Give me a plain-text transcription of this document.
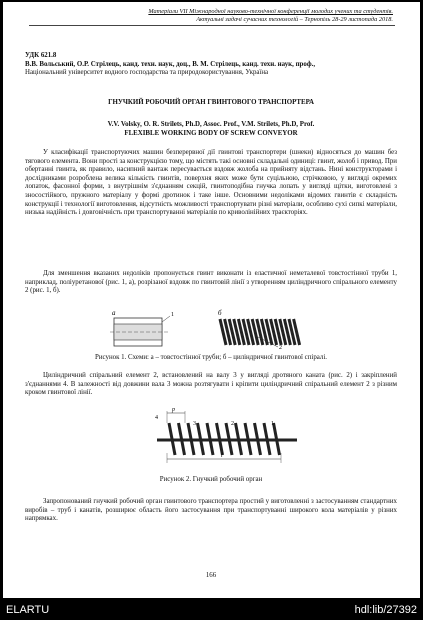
Матеріали VII Міжнародної науково-технічної конференції молодих учених та студентів.
Актуальні задачі сучасних технологій – Тернопіль 28-29 листопада 2018.

УДК 621.8

В.В. Вольський, О.Р. Стрілець, канд. техн. наук, доц., В. М. Стрілець, канд. техн. наук, проф.,

Національний університет водного господарства та природокористування, Україна

ГНУЧКИЙ РОБОЧИЙ ОРГАН ГВИНТОВОГО ТРАНСПОРТЕРА

V.V. Volsky, O. R. Strilets, Ph.D, Assoc. Prof., V.M. Strilets, Ph.D, Prof.

FLEXIBLE WORKING BODY OF SCREW CONVEYOR

У класифікації транспортуючих машин безперервної дії гвинтові транспортери (шнеки) відносяться до машин без тягового елемента. Вони прості за конструкцією тому, що містять такі основні складальні одиниці: гвинт, жолоб і привод. При обертанні гвинта, як правило, насипний вантаж пересувається вздовж жолоба на прийняту відстань. Нині конструкторами і дослідниками розроблена велика кількість гвинтів, поверхня яких може бути суцільною, стрічковою, у вигляді окремих лопаток, фасонної форми, з внутрішнім з'єднанням секцій, гвинтоподібна гнучка лопать у вигляді щітки, виготовлені з зносостійкого, пружного матеріалу у формі дротинок і таке інше. Основними недоліками відомих гвинтів є складність конструкції і технології виготовлення, відсутність можливості транспортувати різні матеріали, особливо сухі сипкі матеріали, низька надійність і довговічність при транспортуванні матеріалів по криволінійних траєкторіях.
Для зменшення вказаних недоліків пропонується гвинт виконати із еластичної неметалевої товстостінної труби 1, наприклад, поліуретанової (рис. 1, а), розрізаної вздовж по гвинтовій лінії з утворенням циліндричного спірального елементу 2 (рис. 1, б).
а	б
1
2
Рисунок 1. Схеми: а – товстостінної труби; б – циліндричної гвинтової спіралі.
Циліндричний спіральний елемент 2, встановлений на валу 3 у вигляді дротяного каната (рис. 2) і закріплений з'єднаннями 4. В залежності від довжини вала 3 можна розтягувати і кріпити циліндричний спіральний елемент 2 з різним кроком гвинтової лінії.
p
4
3	2	1
l
Рисунок 2. Гнучкий робочий орган
Запропонований гнучкий робочий орган гвинтового транспортера простий у виготовленні з застосуванням стандартних виробів – труб і канатів, розширює область його застосування при транспортуванні широкого кола матеріалів у різних напрямках.
166
ELARTU	hdl:lib/27392
